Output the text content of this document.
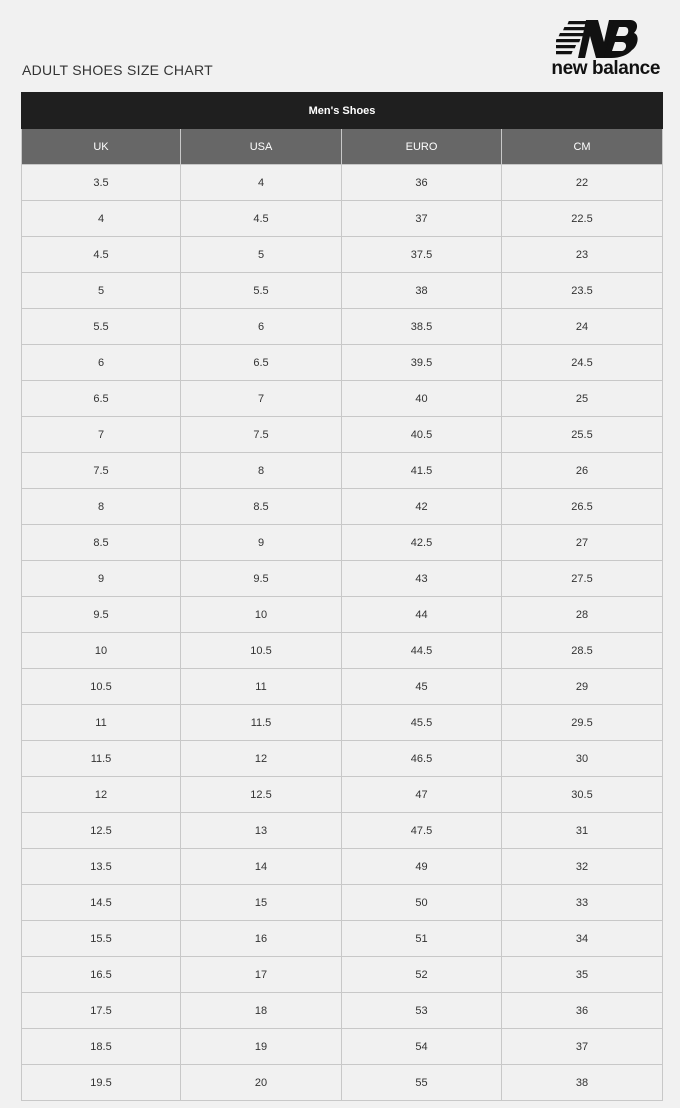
ADULT SHOES SIZE CHART	new balance
Men's Shoes			
UK	USA	EURO	CM
3.5	4	36	22
4	4.5	37	22.5
4.5	5	37.5	23
5	5.5	38	23.5
5.5	6	38.5	24
6	6.5	39.5	24.5
6.5	7	40	25
7	7.5	40.5	25.5
7.5	8	41.5	26
8	8.5	42	26.5
8.5	9	42.5	27
9	9.5	43	27.5
9.5	10	44	28
10	10.5	44.5	28.5
10.5	11	45	29
11	11.5	45.5	29.5
11.5	12	46.5	30
12	12.5	47	30.5
12.5	13	47.5	31
13.5	14	49	32
14.5	15	50	33
15.5	16	51	34
16.5	17	52	35
17.5	18	53	36
18.5	19	54	37
19.5	20	55	38
